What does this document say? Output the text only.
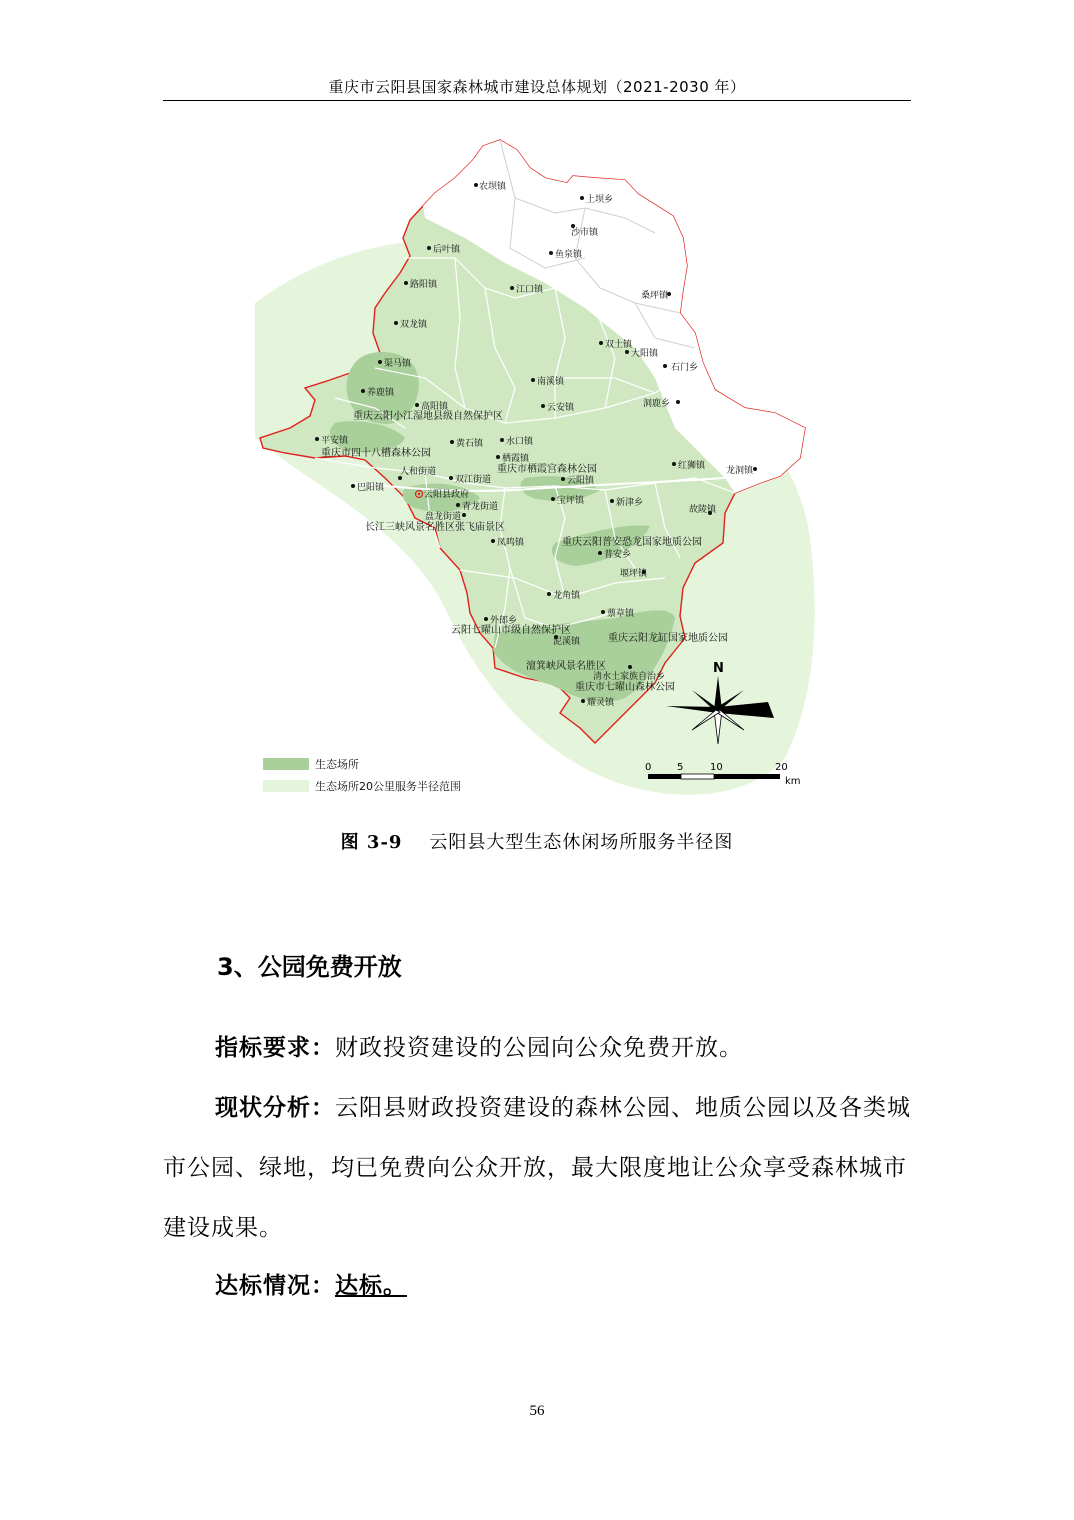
重庆市云阳县国家森林城市建设总体规划（2021-2030 年）
农坝镇
上坝乡
沙市镇
后叶镇	鱼泉镇
路阳镇	江口镇
桑坪镇
双龙镇
双土镇
大阳镇
石门乡
渠马镇
南溪镇
养鹿镇
高阳镇	云安镇	洞鹿乡
平安镇	黄石镇	水口镇
栖霞镇
红狮镇 龙洞镇
人和街道
双江街道	云阳镇
巴阳镇
云阳县政府
青龙街道
宝坪镇	新津乡
盘龙街道
故陵镇
凤鸣镇
普安乡
堰坪镇
龙角镇
外郎乡
蔈草镇
泥溪镇
清水土家族自治乡
耀灵镇
重庆云阳小江湿地县级自然保护区
重庆市四十八槽森林公园
重庆市栖霞宫森林公园
长江三峡风景名胜区张飞庙景区
重庆云阳普安恐龙国家地质公园
云阳七曜山市级自然保护区
重庆云阳龙缸国家地质公园
澶箕峡风景名胜区
重庆市七曜山森林公园
N
0	5	10	20
km
生态场所
生态场所20公里服务半径范围
图 3-9 云阳县大型生态休闲场所服务半径图
3、公园免费开放
指标要求：财政投资建设的公园向公众免费开放。
现状分析：云阳县财政投资建设的森林公园、地质公园以及各类城市公园、绿地，均已免费向公众开放，最大限度地让公众享受森林城市建设成果。
达标情况：达标。
56
